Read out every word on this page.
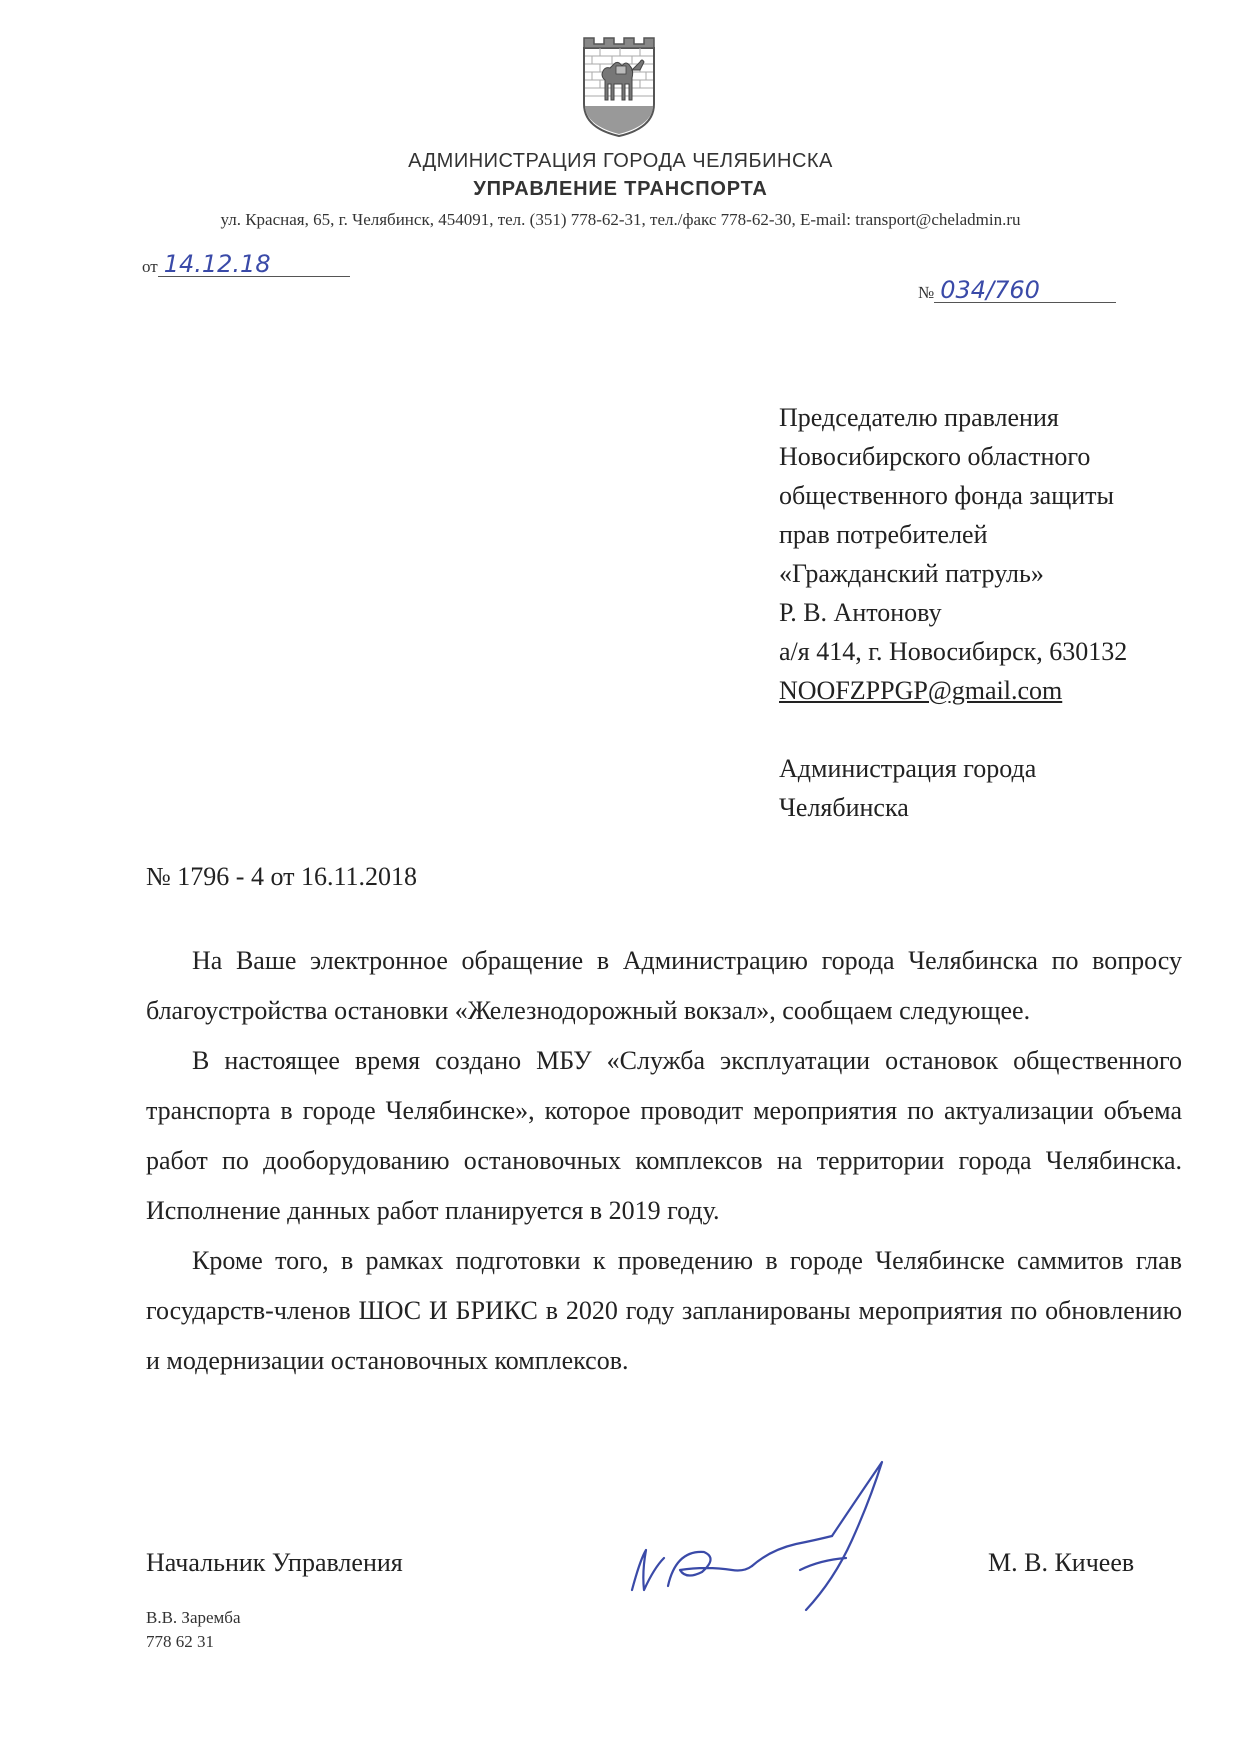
АДМИНИСТРАЦИЯ ГОРОДА ЧЕЛЯБИНСКА
УПРАВЛЕНИЕ ТРАНСПОРТА
ул. Красная, 65, г. Челябинск, 454091, тел. (351) 778-62-31, тел./факс 778-62-30, E-mail: transport@cheladmin.ru
от 14.12.18
№ 034/760
Председателю правления
Новосибирского областного
общественного фонда защиты
прав потребителей
«Гражданский патруль»
Р. В. Антонову
а/я 414, г. Новосибирск, 630132
NOOFZPPGP@gmail.com
Администрация города
Челябинска
№ 1796 - 4 от 16.11.2018

На Ваше электронное обращение в Администрацию города Челябинска по вопросу благоустройства остановки «Железнодорожный вокзал», сообщаем следующее.

В настоящее время создано МБУ «Служба эксплуатации остановок общественного транспорта в городе Челябинске», которое проводит мероприятия по актуализации объема работ по дооборудованию остановочных комплексов на территории города Челябинска. Исполнение данных работ планируется в 2019 году.

Кроме того, в рамках подготовки к проведению в городе Челябинске саммитов глав государств-членов ШОС И БРИКС в 2020 году запланированы мероприятия по обновлению и модернизации остановочных комплексов.

Начальник Управления	М. В. Кичеев
В.В. Заремба
778 62 31
